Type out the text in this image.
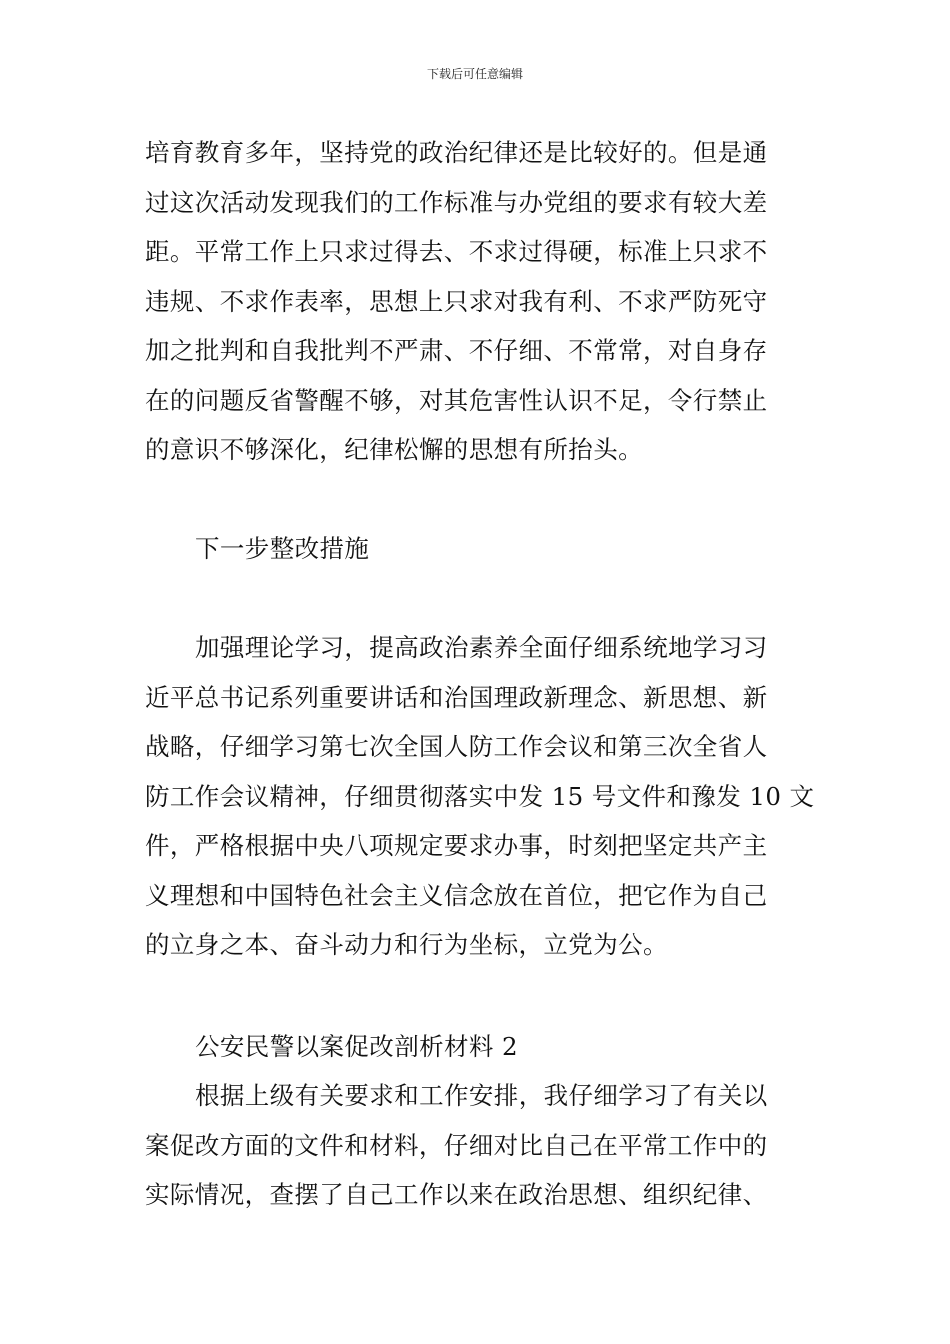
下载后可任意编辑
培育教育多年，坚持党的政治纪律还是比较好的。但是通
过这次活动发现我们的工作标准与办党组的要求有较大差
距。平常工作上只求过得去、不求过得硬，标准上只求不
违规、不求作表率，思想上只求对我有利、不求严防死守
加之批判和自我批判不严肃、不仔细、不常常，对自身存
在的问题反省警醒不够，对其危害性认识不足，令行禁止
的意识不够深化，纪律松懈的思想有所抬头。
下一步整改措施
加强理论学习，提高政治素养全面仔细系统地学习习
近平总书记系列重要讲话和治国理政新理念、新思想、新
战略，仔细学习第七次全国人防工作会议和第三次全省人
防工作会议精神，仔细贯彻落实中发 15 号文件和豫发 10 文
件，严格根据中央八项规定要求办事，时刻把坚定共产主
义理想和中国特色社会主义信念放在首位，把它作为自己
的立身之本、奋斗动力和行为坐标，立党为公。
公安民警以案促改剖析材料 2
根据上级有关要求和工作安排，我仔细学习了有关以
案促改方面的文件和材料，仔细对比自己在平常工作中的
实际情况，查摆了自己工作以来在政治思想、组织纪律、
